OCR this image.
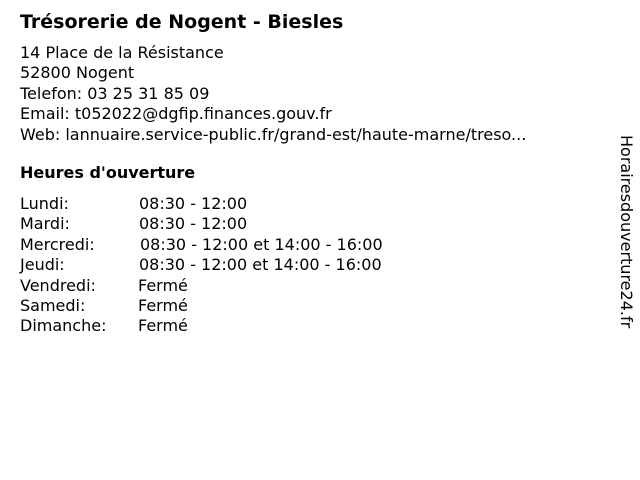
Trésorerie de Nogent - Biesles
14 Place de la Résistance
52800 Nogent
Telefon: 03 25 31 85 09
Email: t052022@dgfip.finances.gouv.fr
Web: lannuaire.service-public.fr/grand-est/haute-marne/treso...
Heures d'ouverture
Lundi:	08:30 - 12:00
Mardi:	08:30 - 12:00
Mercredi:	08:30 - 12:00 et 14:00 - 16:00
Jeudi:	08:30 - 12:00 et 14:00 - 16:00
Vendredi:	Fermé
Samedi:	Fermé
Dimanche: Fermé	Horairesdouverture24.fr
